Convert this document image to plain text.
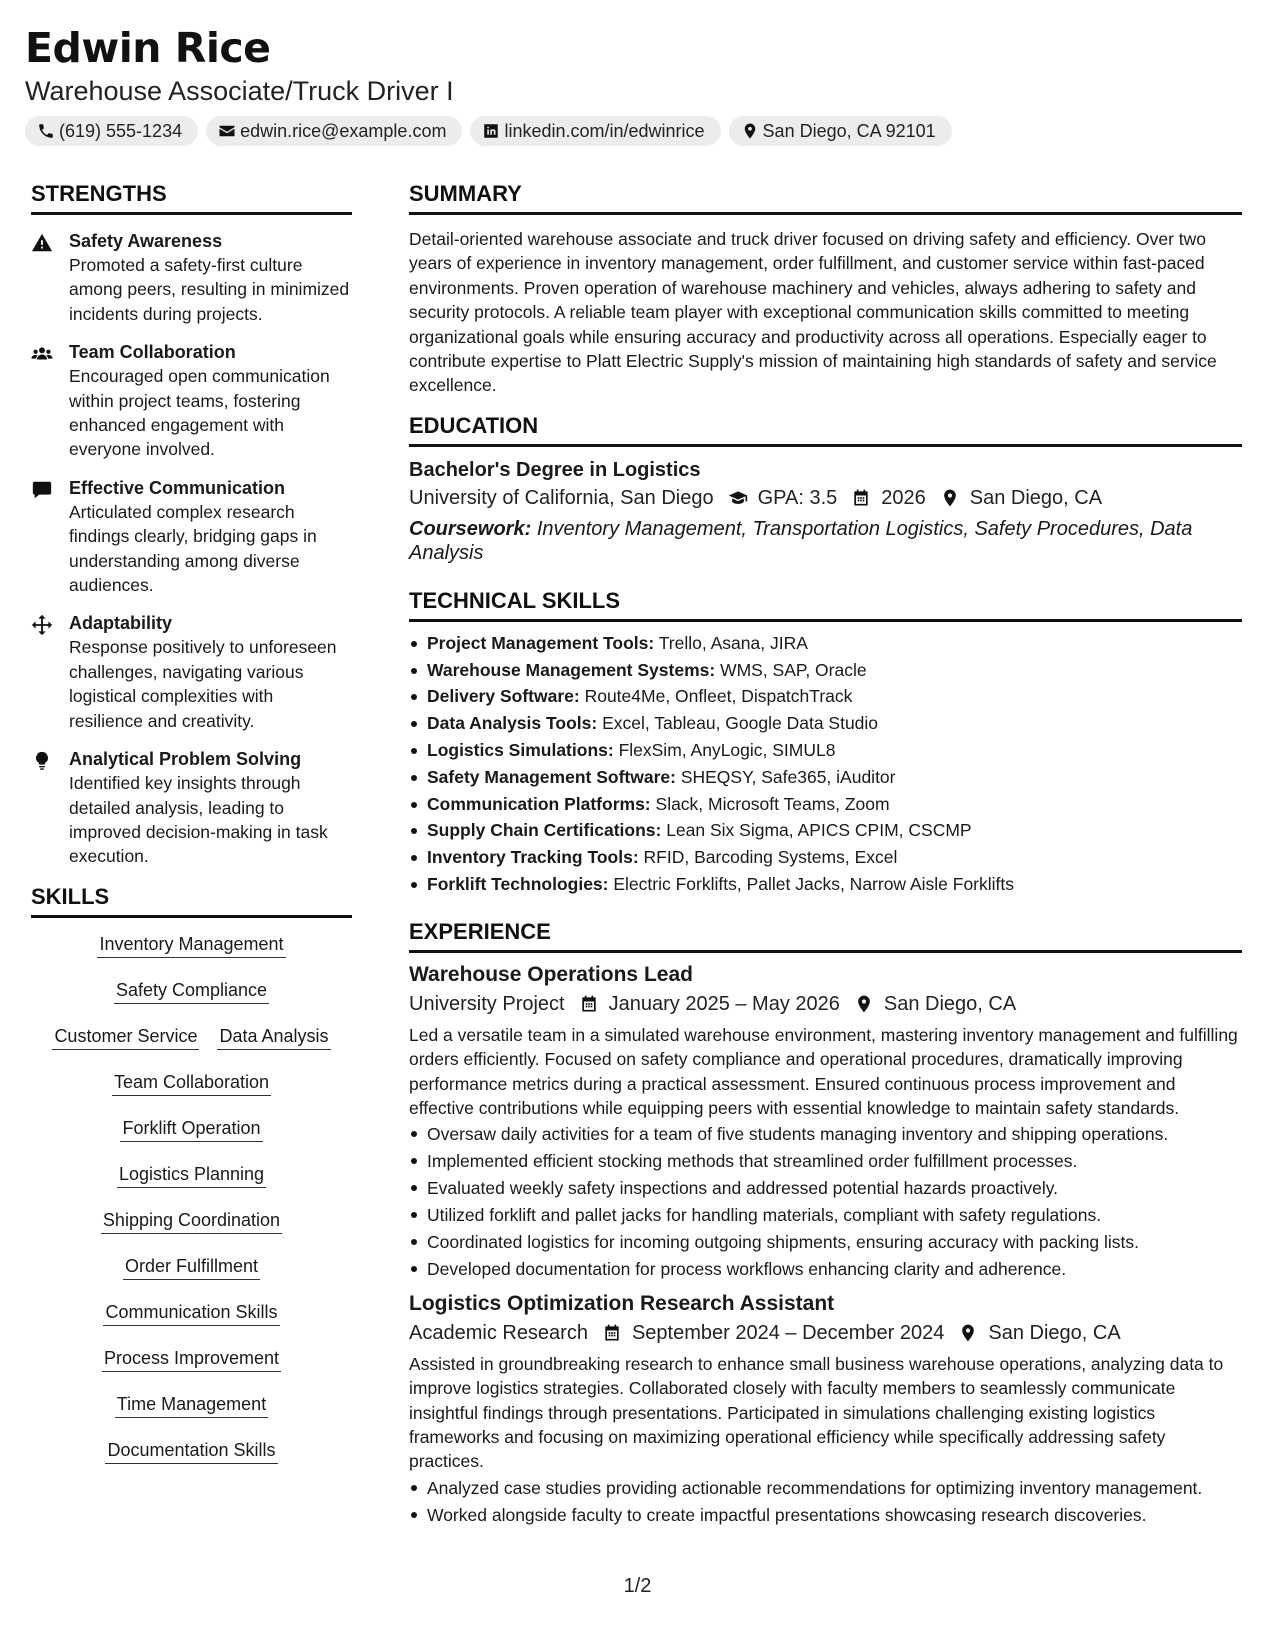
Edwin Rice
Warehouse Associate/Truck Driver I
(619) 555-1234	edwin.rice@example.com	linkedin.com/in/edwinrice	San Diego, CA 92101
STRENGTHS
Safety Awareness
Promoted a safety-first culture among peers, resulting in minimized incidents during projects.
Team Collaboration
Encouraged open communication within project teams, fostering enhanced engagement with everyone involved.
Effective Communication
Articulated complex research findings clearly, bridging gaps in understanding among diverse audiences.
Adaptability
Response positively to unforeseen challenges, navigating various logistical complexities with resilience and creativity.
Analytical Problem Solving
Identified key insights through detailed analysis, leading to improved decision-making in task execution.
SKILLS
Inventory Management
Safety Compliance
Customer Service Data Analysis
Team Collaboration
Forklift Operation
Logistics Planning
Shipping Coordination
Order Fulfillment
Communication Skills
Process Improvement
Time Management
Documentation Skills
SUMMARY
Detail-oriented warehouse associate and truck driver focused on driving safety and efficiency. Over two years of experience in inventory management, order fulfillment, and customer service within fast-paced environments. Proven operation of warehouse machinery and vehicles, always adhering to safety and security protocols. A reliable team player with exceptional communication skills committed to meeting organizational goals while ensuring accuracy and productivity across all operations. Especially eager to contribute expertise to Platt Electric Supply's mission of maintaining high standards of safety and service excellence.
EDUCATION
Bachelor's Degree in Logistics
University of California, San Diego GPA: 3.5 2026 San Diego, CA
Coursework: Inventory Management, Transportation Logistics, Safety Procedures, Data Analysis
TECHNICAL SKILLS
Project Management Tools: Trello, Asana, JIRA
Warehouse Management Systems: WMS, SAP, Oracle
Delivery Software: Route4Me, Onfleet, DispatchTrack
Data Analysis Tools: Excel, Tableau, Google Data Studio
Logistics Simulations: FlexSim, AnyLogic, SIMUL8
Safety Management Software: SHEQSY, Safe365, iAuditor
Communication Platforms: Slack, Microsoft Teams, Zoom
Supply Chain Certifications: Lean Six Sigma, APICS CPIM, CSCMP
Inventory Tracking Tools: RFID, Barcoding Systems, Excel
Forklift Technologies: Electric Forklifts, Pallet Jacks, Narrow Aisle Forklifts
EXPERIENCE
Warehouse Operations Lead
University Project January 2025 – May 2026 San Diego, CA
Led a versatile team in a simulated warehouse environment, mastering inventory management and fulfilling orders efficiently. Focused on safety compliance and operational procedures, dramatically improving performance metrics during a practical assessment. Ensured continuous process improvement and effective contributions while equipping peers with essential knowledge to maintain safety standards.
Oversaw daily activities for a team of five students managing inventory and shipping operations.
Implemented efficient stocking methods that streamlined order fulfillment processes.
Evaluated weekly safety inspections and addressed potential hazards proactively.
Utilized forklift and pallet jacks for handling materials, compliant with safety regulations.
Coordinated logistics for incoming outgoing shipments, ensuring accuracy with packing lists.
Developed documentation for process workflows enhancing clarity and adherence.
Logistics Optimization Research Assistant
Academic Research September 2024 – December 2024 San Diego, CA
Assisted in groundbreaking research to enhance small business warehouse operations, analyzing data to improve logistics strategies. Collaborated closely with faculty members to seamlessly communicate insightful findings through presentations. Participated in simulations challenging existing logistics frameworks and focusing on maximizing operational efficiency while specifically addressing safety practices.
Analyzed case studies providing actionable recommendations for optimizing inventory management.
Worked alongside faculty to create impactful presentations showcasing research discoveries.
1/2
